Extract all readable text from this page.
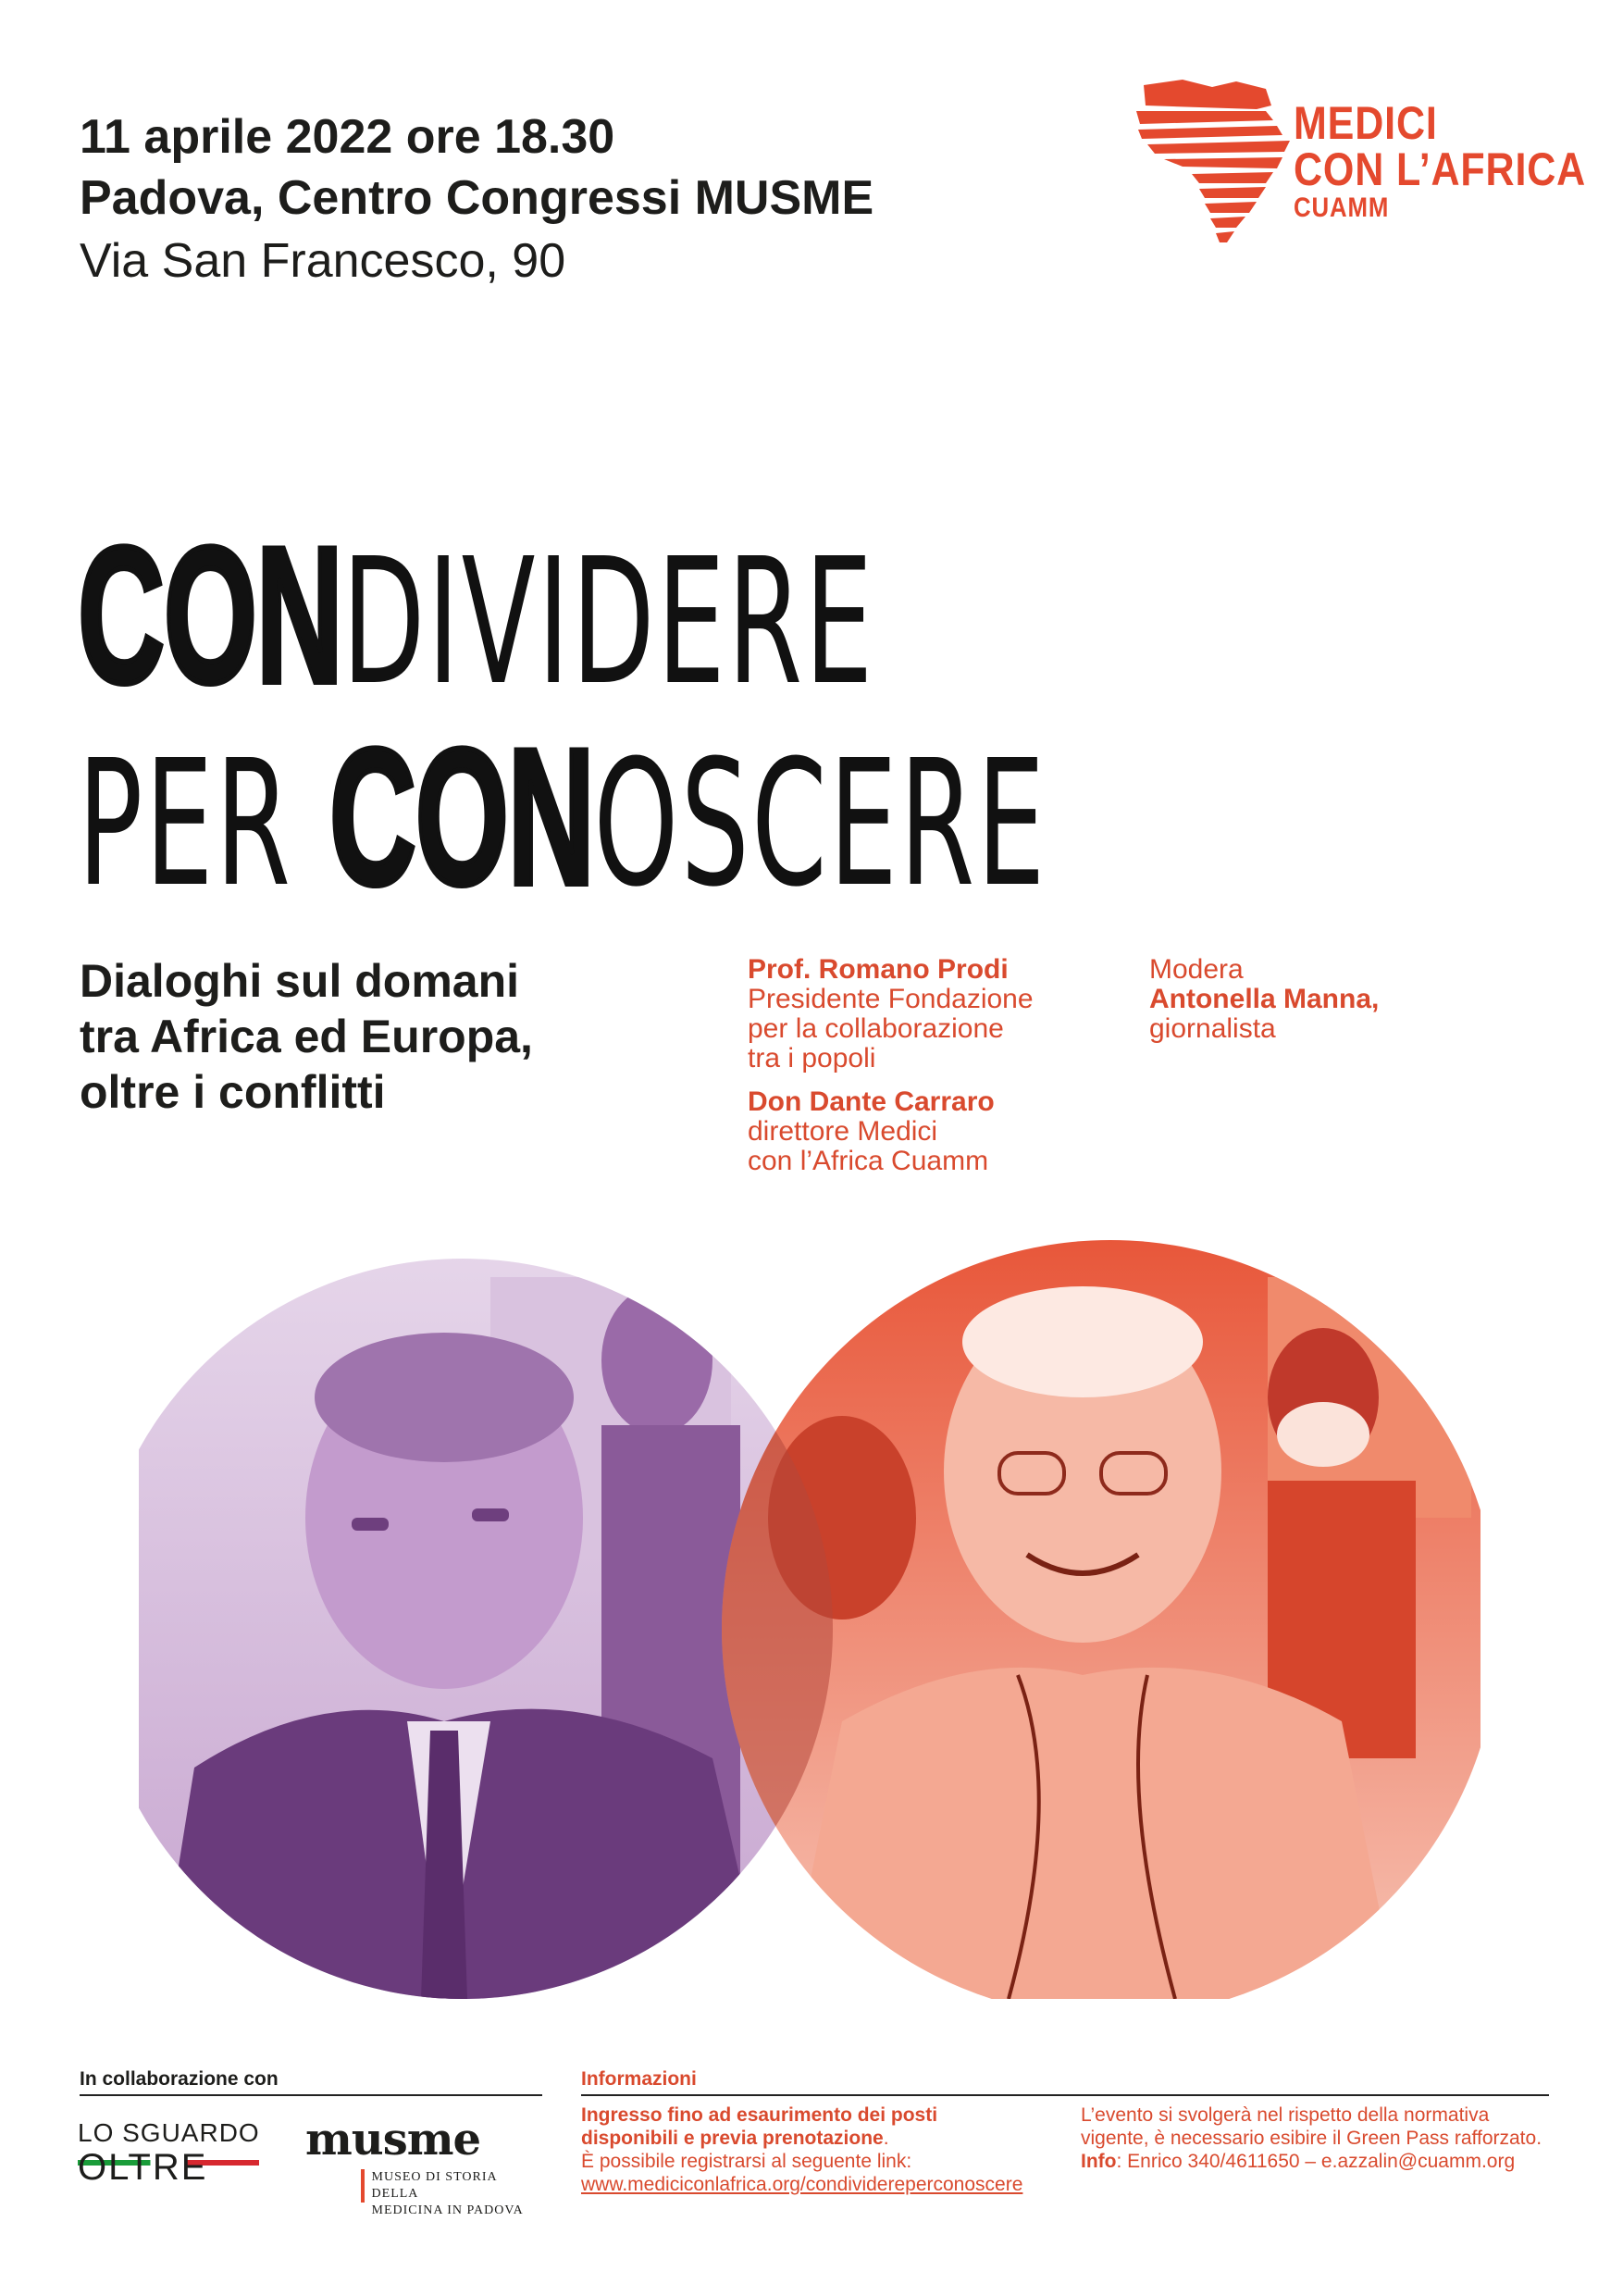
11 aprile 2022 ore 18.30
Padova, Centro Congressi MUSME
Via San Francesco, 90
MEDICI
CON L’AFRICA
CUAMM
CONDIVIDERE
PER CONOSCERE
Dialoghi sul domani
tra Africa ed Europa,
oltre i conflitti
Prof. Romano Prodi
Presidente Fondazione
per la collaborazione
tra i popoli
Don Dante Carraro
direttore Medici
con l’Africa Cuamm
Modera
Antonella Manna,
giornalista
In collaborazione con	Informazioni
LO SGUARDO
OLTRE
musme
MUSEO DI STORIA DELLA
MEDICINA IN PADOVA
Ingresso fino ad esaurimento dei posti
disponibili e previa prenotazione.
È possibile registrarsi al seguente link:
www.mediciconlafrica.org/condividereperconoscere
L’evento si svolgerà nel rispetto della normativa
vigente, è necessario esibire il Green Pass rafforzato.
Info: Enrico 340/4611650 – e.azzalin@cuamm.org
